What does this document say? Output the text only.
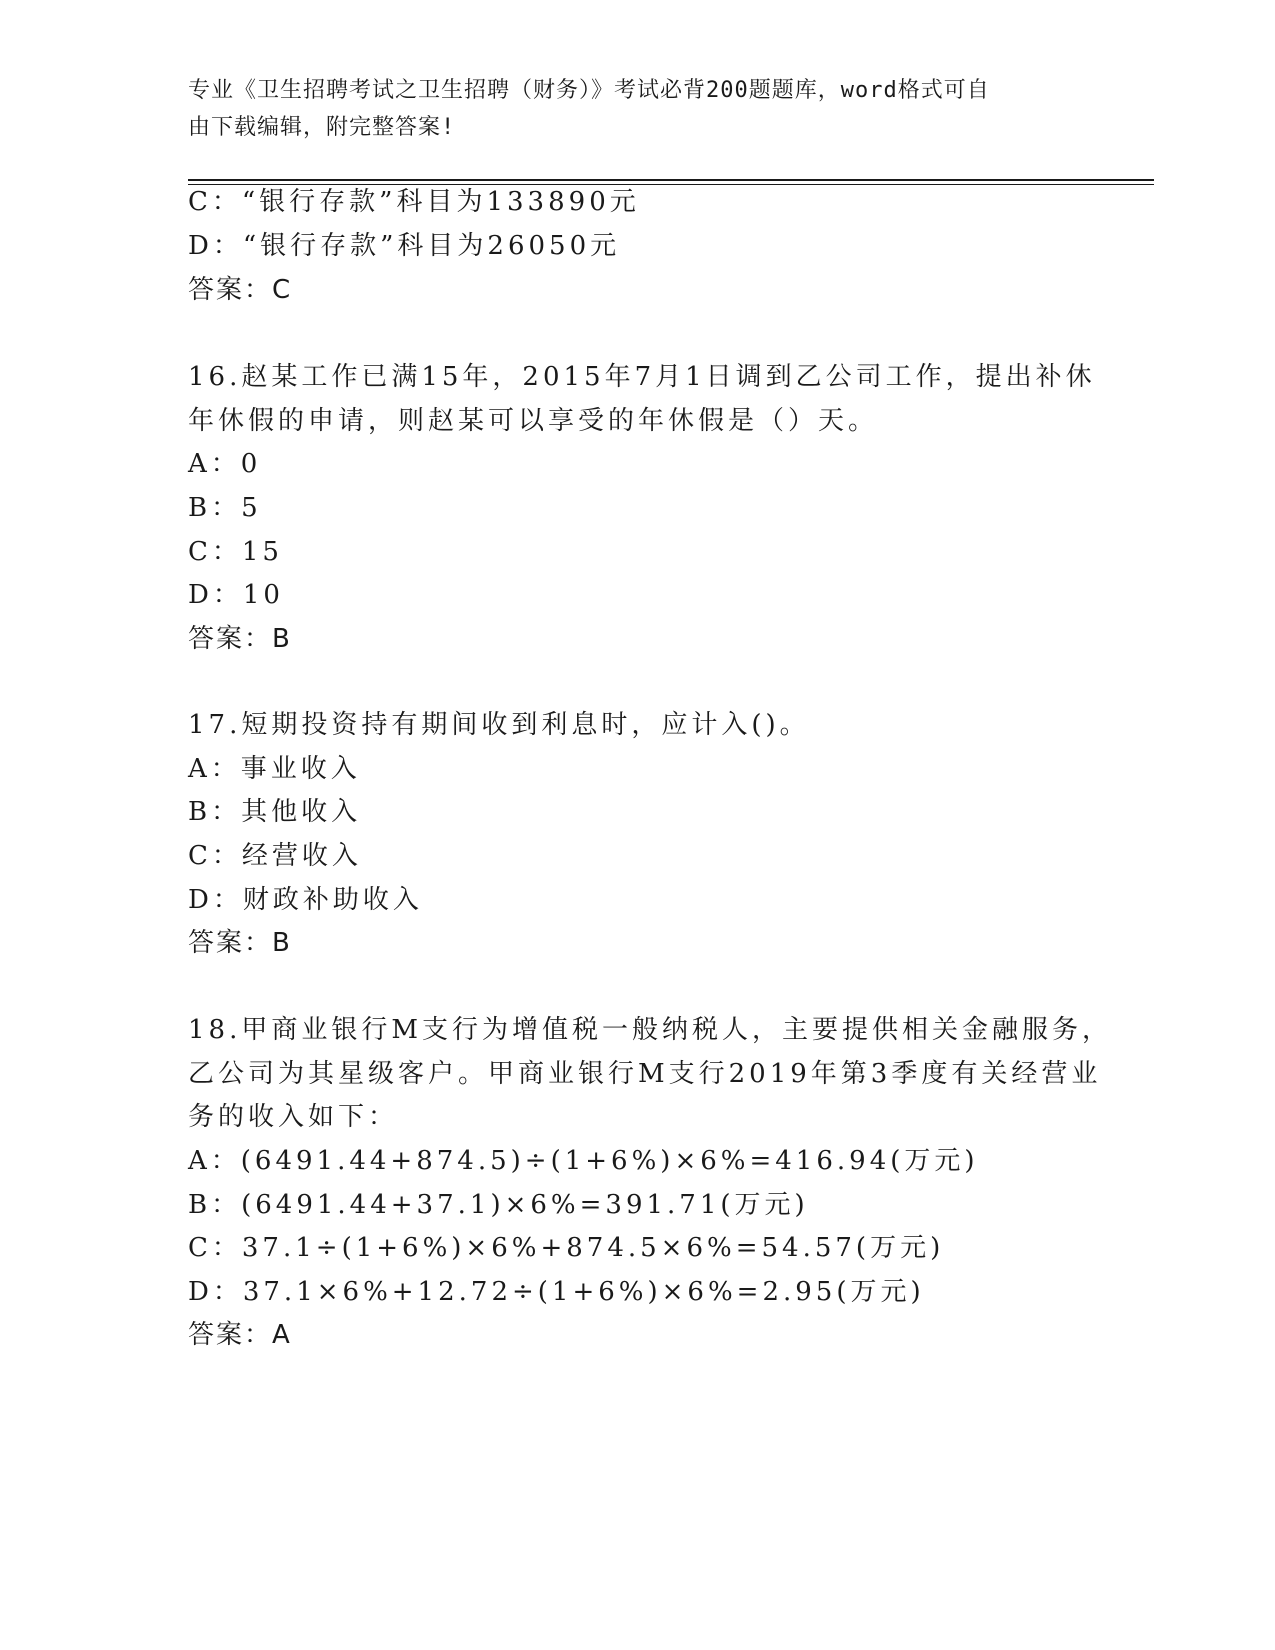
专业《卫生招聘考试之卫生招聘（财务）》考试必背200题题库，word格式可自
由下载编辑，附完整答案!
C：“银行存款”科目为133890元
D：“银行存款”科目为26050元
答案：C
16.赵某工作已满15年，2015年7月1日调到乙公司工作，提出补休
年休假的申请，则赵某可以享受的年休假是（）天。
A：0
B：5
C：15
D：10
答案：B
17.短期投资持有期间收到利息时，应计入()。
A：事业收入
B：其他收入
C：经营收入
D：财政补助收入
答案：B
18.甲商业银行M支行为增值税一般纳税人，主要提供相关金融服务，
乙公司为其星级客户。甲商业银行M支行2019年第3季度有关经营业
务的收入如下：
A：(6491.44+874.5)÷(1+6%)×6%=416.94(万元)
B：(6491.44+37.1)×6%=391.71(万元)
C：37.1÷(1+6%)×6%+874.5×6%=54.57(万元)
D：37.1×6%+12.72÷(1+6%)×6%=2.95(万元)
答案：A
